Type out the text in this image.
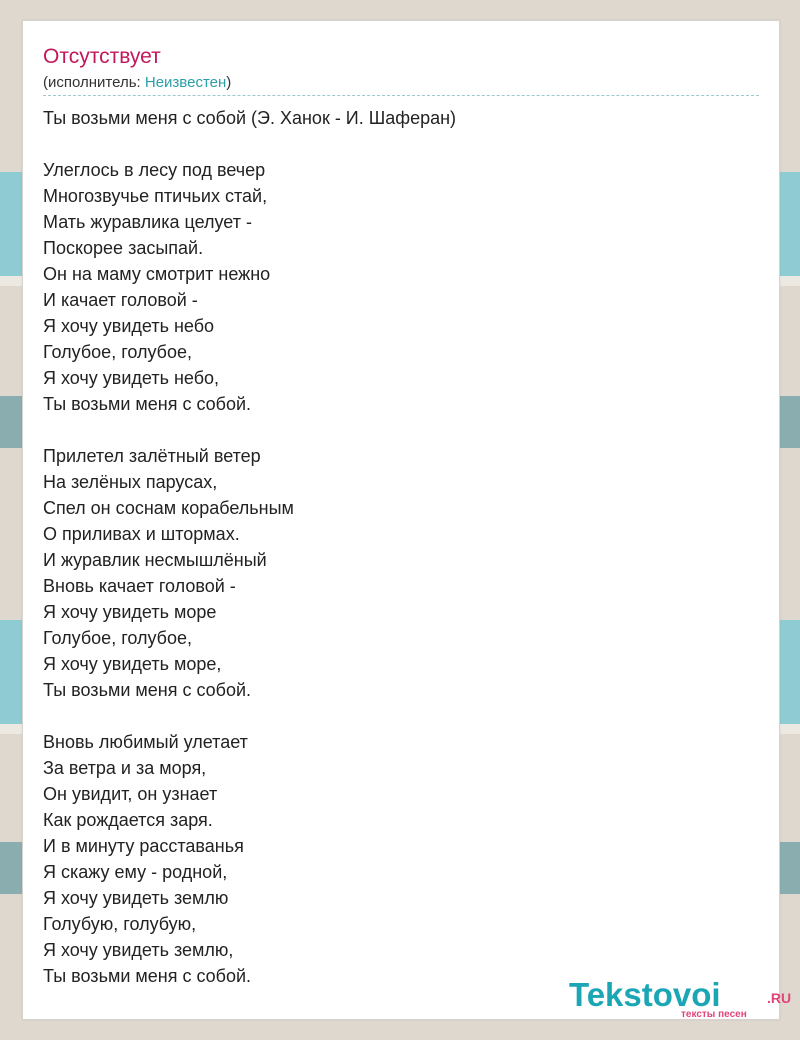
Отсутствует
(исполнитель: Неизвестен)
Ты возьми меня с собой (Э. Ханок - И. Шаферан)
Улеглось в лесу под вечер
Многозвучье птичьих стай,
Мать журавлика целует -
Поскорее засыпай.
Он на маму смотрит нежно
И качает головой -
Я хочу увидеть небо
Голубое, голубое,
Я хочу увидеть небо,
Ты возьми меня с собой.
Прилетел залётный ветер
На зелёных парусах,
Спел он соснам корабельным
О приливах и штормах.
И журавлик несмышлёный
Вновь качает головой -
Я хочу увидеть море
Голубое, голубое,
Я хочу увидеть море,
Ты возьми меня с собой.
Вновь любимый улетает
За ветра и за моря,
Он увидит, он узнает
Как рождается заря.
И в минуту расставанья
Я скажу ему - родной,
Я хочу увидеть землю
Голубую, голубую,
Я хочу увидеть землю,
Ты возьми меня с собой.	Tekstovoi	.RU
тексты песен
